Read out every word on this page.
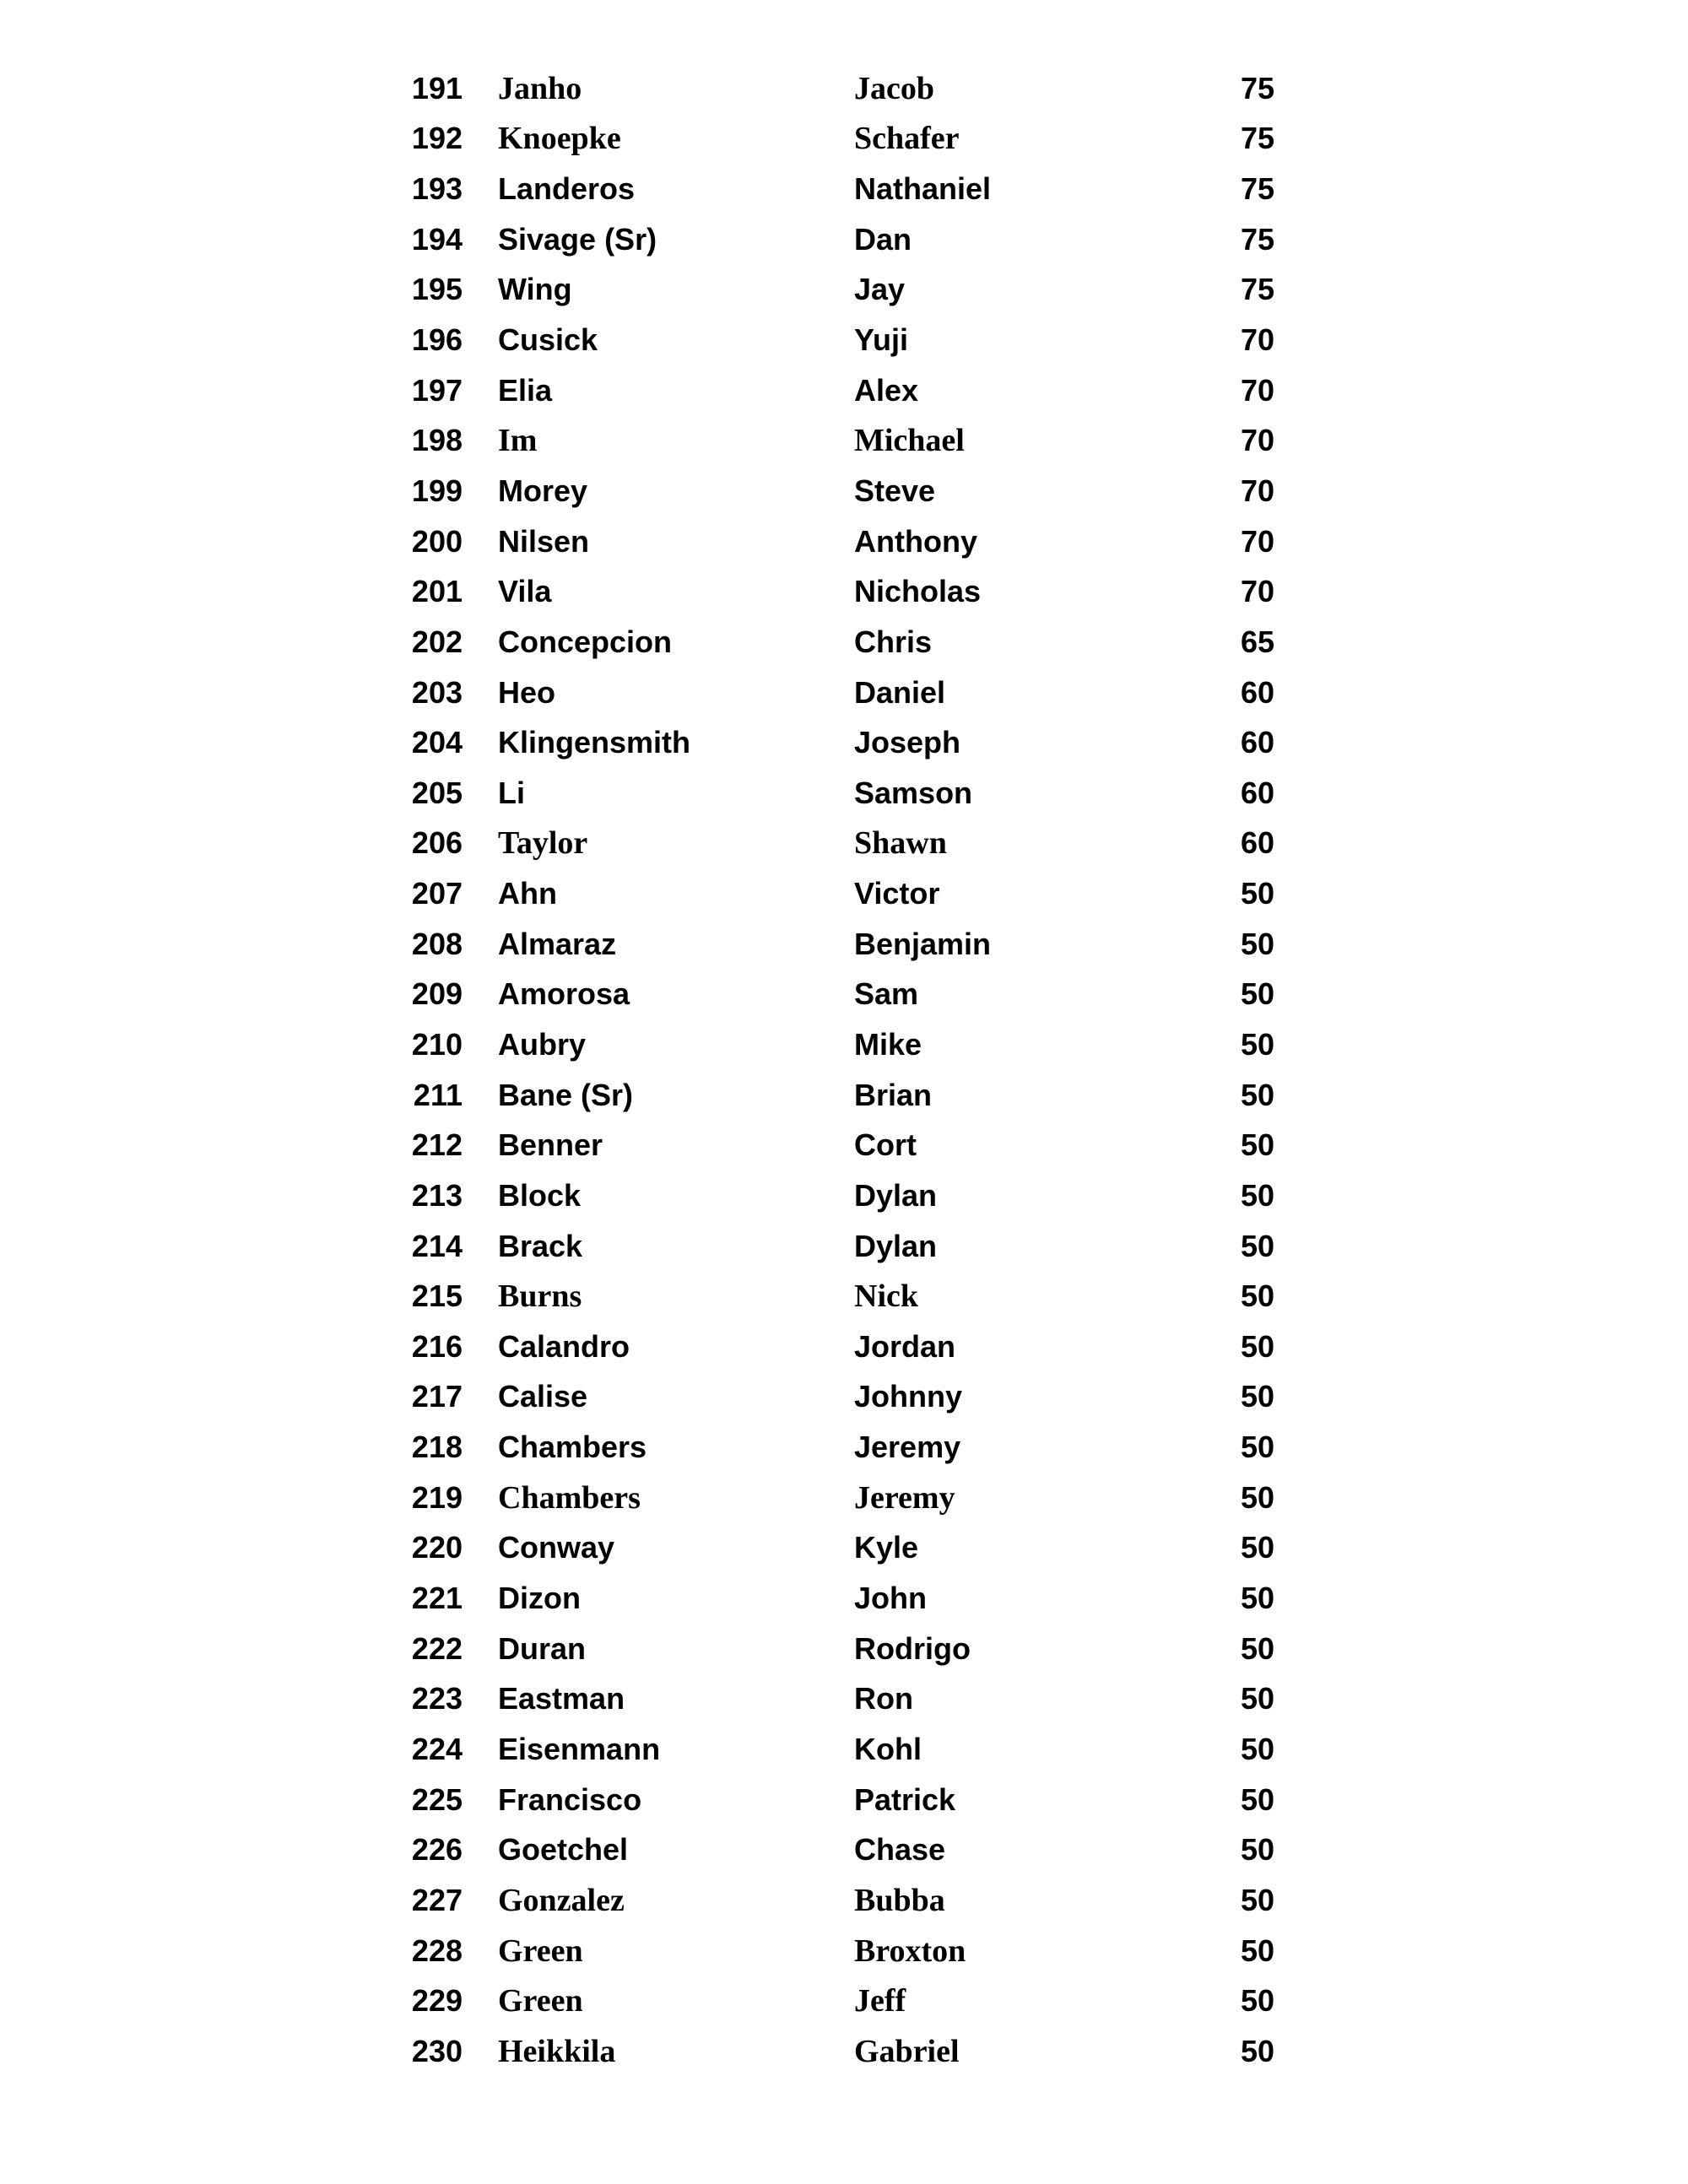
191 Janho	Jacob	75
192 Knoepke	Schafer	75
193 Landeros	Nathaniel	75
194 Sivage (Sr)	Dan	75
195 Wing	Jay	75
196 Cusick	Yuji	70
197 Elia	Alex	70
198 Im	Michael	70
199 Morey	Steve	70
200 Nilsen	Anthony	70
201 Vila	Nicholas	70
202 Concepcion	Chris	65
203 Heo	Daniel	60
204 Klingensmith	Joseph	60
205 Li	Samson	60
206 Taylor	Shawn	60
207 Ahn	Victor	50
208 Almaraz	Benjamin	50
209 Amorosa	Sam	50
210 Aubry	Mike	50
211 Bane (Sr)	Brian	50
212 Benner	Cort	50
213 Block	Dylan	50
214 Brack	Dylan	50
215 Burns	Nick	50
216 Calandro	Jordan	50
217 Calise	Johnny	50
218 Chambers	Jeremy	50
219 Chambers	Jeremy	50
220 Conway	Kyle	50
221 Dizon	John	50
222 Duran	Rodrigo	50
223 Eastman	Ron	50
224 Eisenmann	Kohl	50
225 Francisco	Patrick	50
226 Goetchel	Chase	50
227 Gonzalez	Bubba	50
228 Green	Broxton	50
229 Green	Jeff	50
230 Heikkila	Gabriel	50
